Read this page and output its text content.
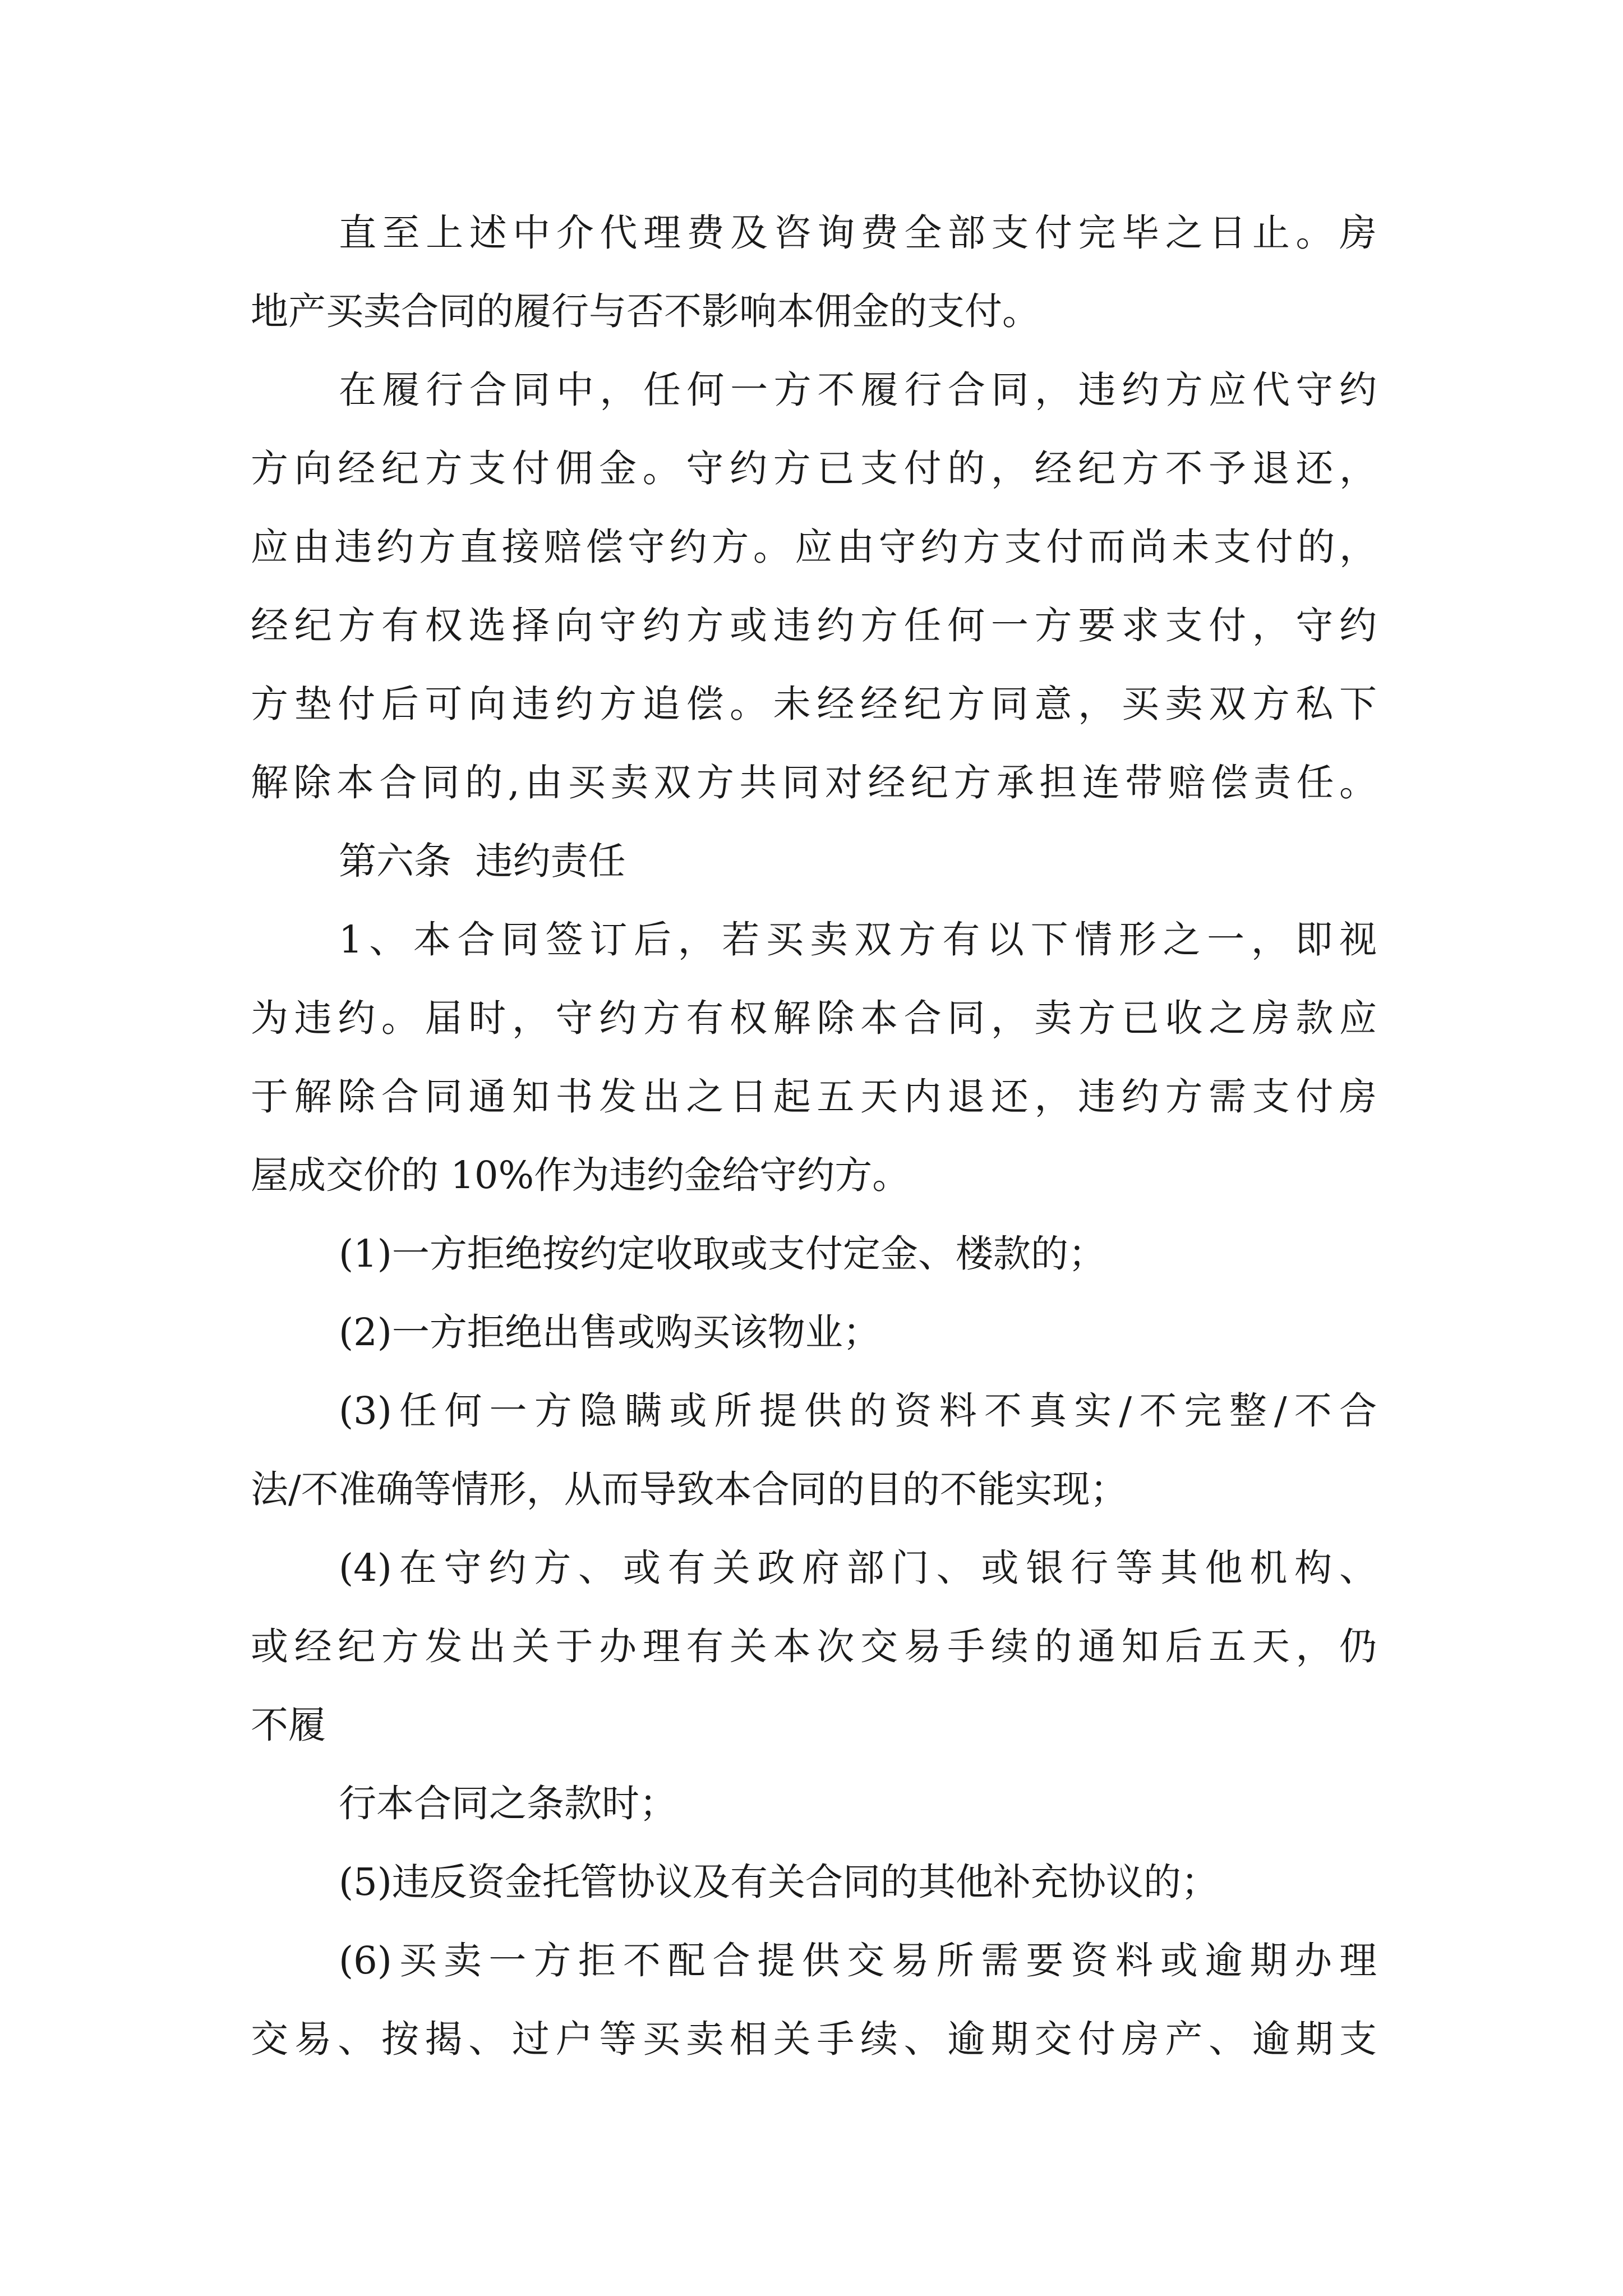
直至上述中介代理费及咨询费全部支付完毕之日止。房
地产买卖合同的履行与否不影响本佣金的支付。
在履行合同中，任何一方不履行合同，违约方应代守约
方向经纪方支付佣金。守约方已支付的，经纪方不予退还，
应由违约方直接赔偿守约方。应由守约方支付而尚未支付的，
经纪方有权选择向守约方或违约方任何一方要求支付，守约
方垫付后可向违约方追偿。未经经纪方同意，买卖双方私下
解除本合同的,由买卖双方共同对经纪方承担连带赔偿责任。
第六条  违约责任
1、本合同签订后，若买卖双方有以下情形之一，即视
为违约。届时，守约方有权解除本合同，卖方已收之房款应
于解除合同通知书发出之日起五天内退还，违约方需支付房
屋成交价的 10%作为违约金给守约方。
(1)一方拒绝按约定收取或支付定金、楼款的；
(2)一方拒绝出售或购买该物业；
(3)任何一方隐瞒或所提供的资料不真实/不完整/不合
法/不准确等情形，从而导致本合同的目的不能实现；
(4)在守约方、或有关政府部门、或银行等其他机构、
或经纪方发出关于办理有关本次交易手续的通知后五天，仍
不履
行本合同之条款时；
(5)违反资金托管协议及有关合同的其他补充协议的；
(6)买卖一方拒不配合提供交易所需要资料或逾期办理
交易、按揭、过户等买卖相关手续、逾期交付房产、逾期支
